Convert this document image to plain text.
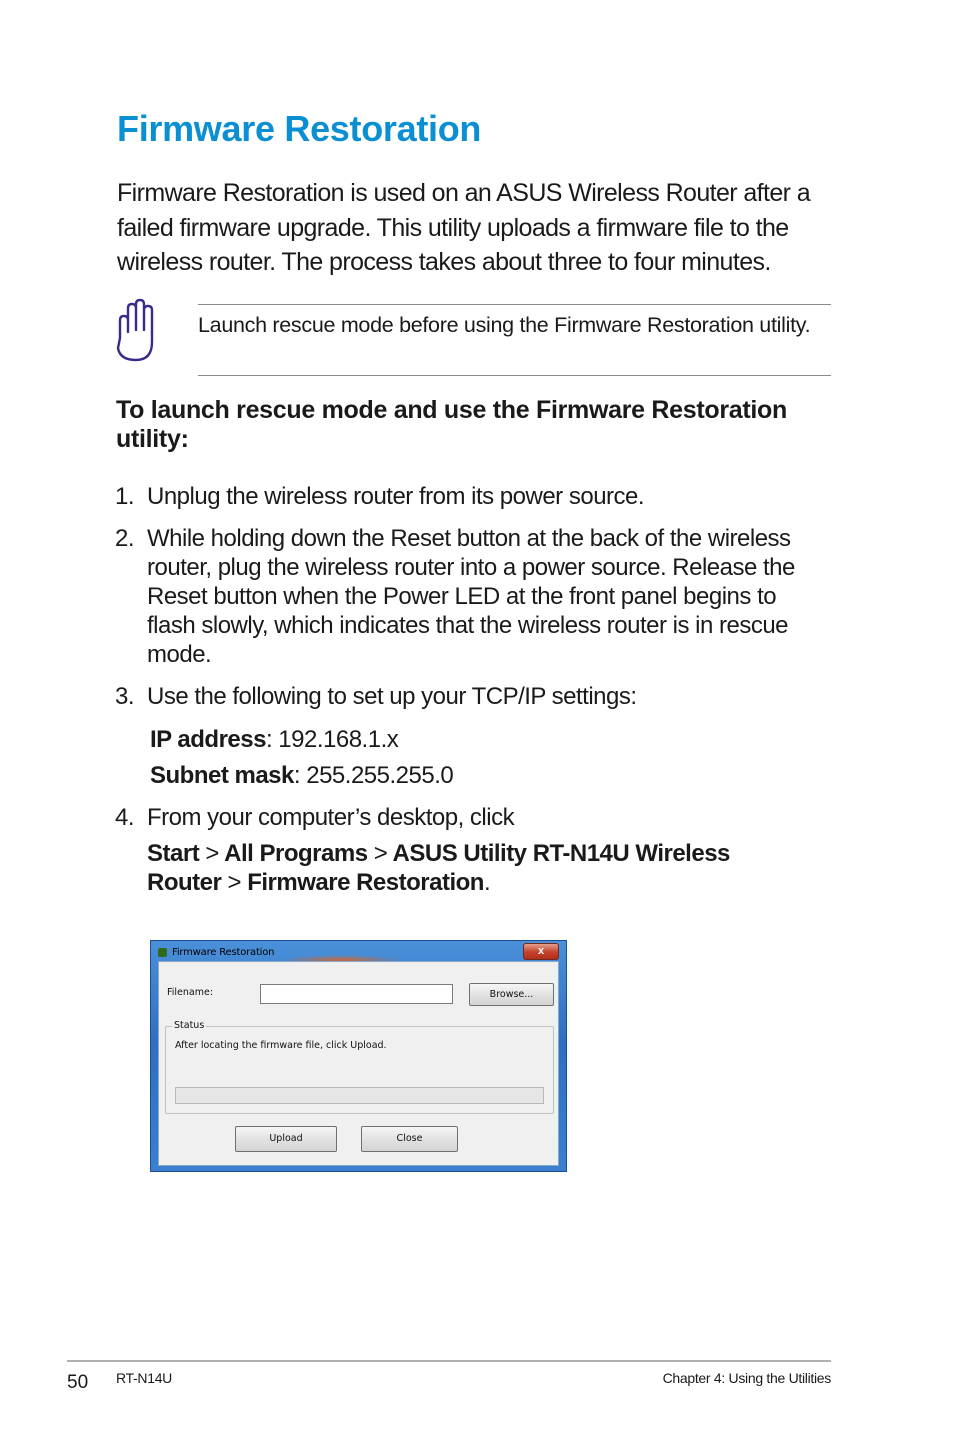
Firmware Restoration

Firmware Restoration is used on an ASUS Wireless Router after a failed firmware upgrade. This utility uploads a firmware file to the wireless router. The process takes about three to four minutes.

Launch rescue mode before using the Firmware Restoration utility.

To launch rescue mode and use the Firmware Restoration utility:
1. Unplug the wireless router from its power source.
2. While holding down the Reset button at the back of the wireless router, plug the wireless router into a power source. Release the Reset button when the Power LED at the front panel begins to flash slowly, which indicates that the wireless router is in rescue mode.
3. Use the following to set up your TCP/IP settings:
IP address: 192.168.1.x
Subnet mask: 255.255.255.0
4. From your computer’s desktop, click
Start > All Programs > ASUS Utility RT-N14U Wireless
Router > Firmware Restoration.
Firmware Restoration	x
Filename:	Browse...
Status
After locating the firmware file, click Upload.
Upload	Close
50 RT-N14U	Chapter 4: Using the Utilities
